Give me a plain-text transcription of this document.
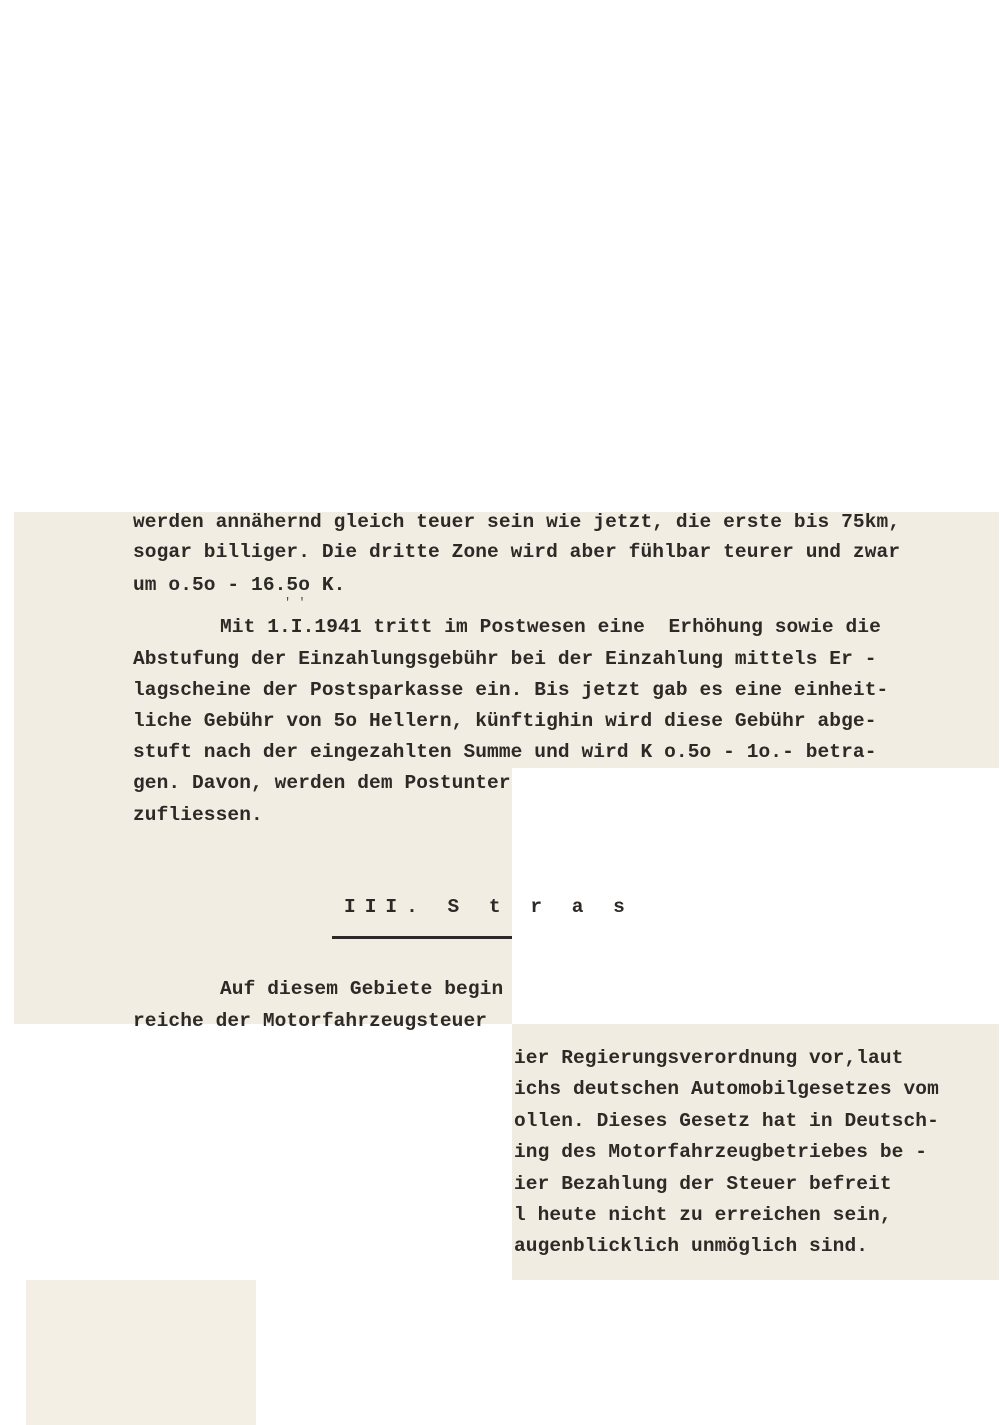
werden annähernd gleich teuer sein wie jetzt, die erste bis 75km,
sogar billiger. Die dritte Zone wird aber fühlbar teurer und zwar
um o.5o - 16.5o K.
′ ′
Mit 1.I.1941 tritt im Postwesen eine  Erhöhung sowie die
Abstufung der Einzahlungsgebühr bei der Einzahlung mittels Er -
lagscheine der Postsparkasse ein. Bis jetzt gab es eine einheit-
liche Gebühr von 5o Hellern, künftighin wird diese Gebühr abge-
stuft nach der eingezahlten Summe und wird K o.5o - 1o.- betra-
gen. Davon, werden dem Postunter
zufliessen.
III. S t r a s
Auf diesem Gebiete begin
reiche der Motorfahrzeugsteuer
ier Regierungsverordnung vor,laut
ichs deutschen Automobilgesetzes vom
ollen. Dieses Gesetz hat in Deutsch-
ing des Motorfahrzeugbetriebes be -
ier Bezahlung der Steuer befreit
l heute nicht zu erreichen sein,
augenblicklich unmöglich sind.
